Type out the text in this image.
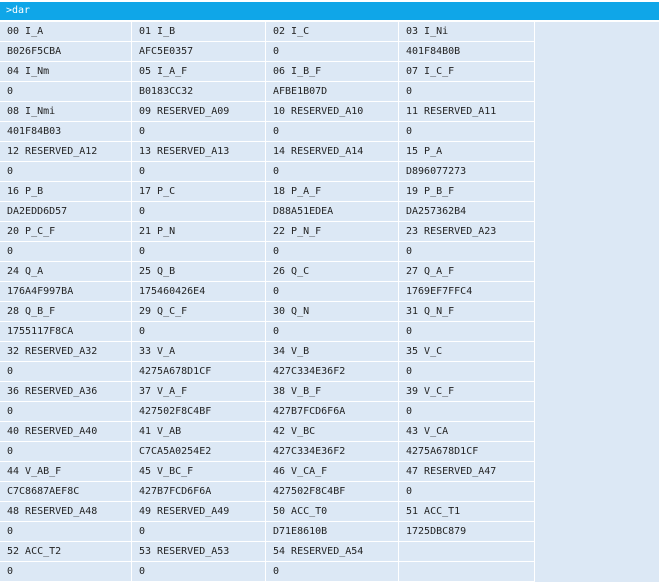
>dar
00 I_A
B026F5CBA
01 I_B
AFC5E0357
02 I_C
0
03 I_Ni
401F84B0B
04 I_Nm
0
05 I_A_F
B0183CC32
06 I_B_F
AFBE1B07D
07 I_C_F
0
08 I_Nmi
401F84B03
09 RESERVED_A09
0
10 RESERVED_A10
0
11 RESERVED_A11
0
12 RESERVED_A12
0
13 RESERVED_A13
0
14 RESERVED_A14
0
15 P_A
D896077273
16 P_B
DA2EDD6D57
17 P_C
0
18 P_A_F
D88A51EDEA
19 P_B_F
DA257362B4
20 P_C_F
0
21 P_N
0
22 P_N_F
0
23 RESERVED_A23
0
24 Q_A
176A4F997BA
25 Q_B
175460426E4
26 Q_C
0
27 Q_A_F
1769EF7FFC4
28 Q_B_F
1755117F8CA
29 Q_C_F
0
30 Q_N
0
31 Q_N_F
0
32 RESERVED_A32
0
33 V_A
4275A678D1CF
34 V_B
427C334E36F2
35 V_C
0
36 RESERVED_A36
0
37 V_A_F
427502F8C4BF
38 V_B_F
427B7FCD6F6A
39 V_C_F
0
40 RESERVED_A40
0
41 V_AB
C7CA5A0254E2
42 V_BC
427C334E36F2
43 V_CA
4275A678D1CF
44 V_AB_F
C7C8687AEF8C
45 V_BC_F
427B7FCD6F6A
46 V_CA_F
427502F8C4BF
47 RESERVED_A47
0
48 RESERVED_A48
0
49 RESERVED_A49
0
50 ACC_T0
D71E8610B
51 ACC_T1
1725DBC879
52 ACC_T2
0
53 RESERVED_A53
0
54 RESERVED_A54
0
